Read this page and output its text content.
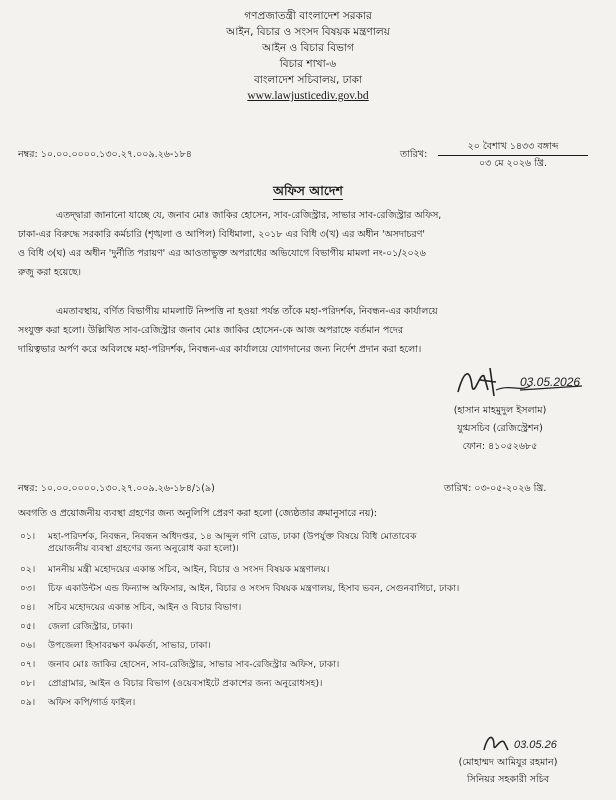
গণপ্রজাতন্ত্রী বাংলাদেশ সরকার
আইন, বিচার ও সংসদ বিষয়ক মন্ত্রণালয়
আইন ও বিচার বিভাগ
বিচার শাখা-৬
বাংলাদেশ সচিবালয়, ঢাকা
www.lawjusticediv.gov.bd
নম্বর: ১০.০০.০০০০.১৩০.২৭.০০৯.২৬-১৮৪	তারিখ:
২০ বৈশাখ ১৪৩৩ বঙ্গাব্দ
০৩ মে ২০২৬ খ্রি.
অফিস আদেশ
এতদ্দ্বারা জানানো যাচ্ছে যে, জনাব মোঃ জাকির হোসেন, সাব-রেজিস্ট্রার, সাভার সাব-রেজিস্ট্রার অফিস,
ঢাকা-এর বিরুদ্ধে সরকারি কর্মচারি (শৃঙ্খলা ও আপিল) বিধিমালা, ২০১৮ এর বিধি ৩(খ) এর অধীন 'অসদাচরণ'
ও বিধি ৩(ঘ) এর অধীন 'দুর্নীতি পরায়ণ' এর আওতাভুক্ত অপরাধের অভিযোগে বিভাগীয় মামলা নং-০১/২০২৬
রুজু করা হয়েছে।
এমতাবস্থায়, বর্ণিত বিভাগীয় মামলাটি নিষ্পত্তি না হওয়া পর্যন্ত তাঁকে মহা-পরিদর্শক, নিবন্ধন-এর কার্যালয়ে
সংযুক্ত করা হলো। উল্লিখিত সাব-রেজিস্ট্রার জনাব মোঃ জাকির হোসেন-কে আজ অপরাহ্নে বর্তমান পদের
দায়িত্বভার অর্পণ করে অবিলম্বে মহা-পরিদর্শক, নিবন্ধন-এর কার্যালয়ে যোগদানের জন্য নির্দেশ প্রদান করা হলো।
03.05.2026
(হাসান মাহমুদুল ইসলাম)
যুগ্মসচিব (রেজিস্ট্রেশন)
ফোন: ৪১০৫২৬৮৫
নম্বর: ১০.০০.০০০০.১৩০.২৭.০০৯.২৬-১৮৪/১(৯)	তারিখ: ০৩-০৫-২০২৬ খ্রি.
অবগতি ও প্রয়োজনীয় ব্যবস্থা গ্রহণের জন্য অনুলিপি প্রেরণ করা হলো (জ্যেষ্ঠতার ক্রমানুসারে নয়):
০১।	মহা-পরিদর্শক, নিবন্ধন, নিবন্ধন অধিদপ্তর, ১৪ আব্দুল গণি রোড, ঢাকা (উপর্যুক্ত বিষয়ে বিধি মোতাবেক
প্রয়োজনীয় ব্যবস্থা গ্রহণের জন্য অনুরোধ করা হলো)।
০২।	মাননীয় মন্ত্রী মহোদয়ের একান্ত সচিব, আইন, বিচার ও সংসদ বিষয়ক মন্ত্রণালয়।
০৩।	চিফ একাউন্টস এন্ড ফিন্যান্স অফিসার, আইন, বিচার ও সংসদ বিষয়ক মন্ত্রণালয়, হিসাব ভবন, সেগুনবাগিচা, ঢাকা।
০৪।	সচিব মহোদয়ের একান্ত সচিব, আইন ও বিচার বিভাগ।
০৫।	জেলা রেজিস্ট্রার, ঢাকা।
০৬।	উপজেলা হিসাবরক্ষণ কর্মকর্তা, সাভার, ঢাকা।
০৭।	জনাব মোঃ জাকির হোসেন, সাব-রেজিস্ট্রার, সাভার সাব-রেজিস্ট্রার অফিস, ঢাকা।
০৮।	প্রোগ্রামার, আইন ও বিচার বিভাগ (ওয়েবসাইটে প্রকাশের জন্য অনুরোধসহ)।
০৯।	অফিস কপি/গার্ড ফাইল।
03.05.26
(মোহাম্মদ আমিযুর রহমান)
সিনিয়র সহকারী সচিব
